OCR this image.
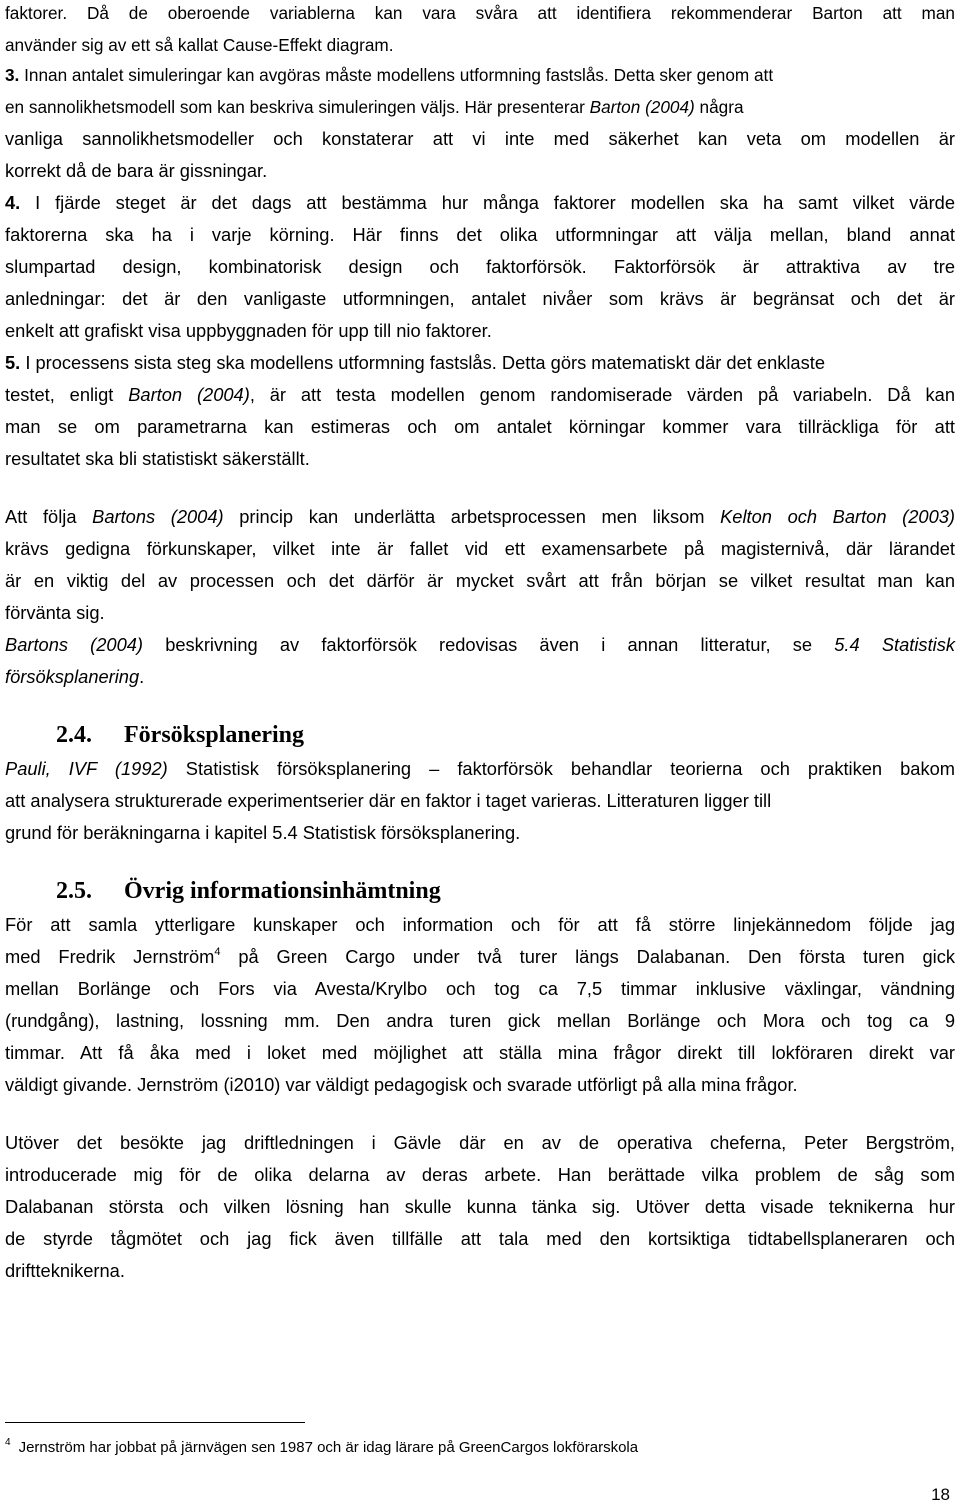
faktorer. Då de oberoende variablerna kan vara svåra att identifiera rekommenderar Barton att man
använder sig av ett så kallat Cause-Effekt diagram.
3. Innan antalet simuleringar kan avgöras måste modellens utformning fastslås. Detta sker genom att
en sannolikhetsmodell som kan beskriva simuleringen väljs. Här presenterar Barton (2004) några
vanliga sannolikhetsmodeller och konstaterar att vi inte med säkerhet kan veta om modellen är
korrekt då de bara är gissningar.
4. I fjärde steget är det dags att bestämma hur många faktorer modellen ska ha samt vilket värde
faktorerna ska ha i varje körning. Här finns det olika utformningar att välja mellan, bland annat
slumpartad design, kombinatorisk design och faktorförsök. Faktorförsök är attraktiva av tre
anledningar: det är den vanligaste utformningen, antalet nivåer som krävs är begränsat och det är
enkelt att grafiskt visa uppbyggnaden för upp till nio faktorer.
5. I processens sista steg ska modellens utformning fastslås. Detta görs matematiskt där det enklaste
testet, enligt Barton (2004), är att testa modellen genom randomiserade värden på variabeln. Då kan
man se om parametrarna kan estimeras och om antalet körningar kommer vara tillräckliga för att
resultatet ska bli statistiskt säkerställt.
Att följa Bartons (2004) princip kan underlätta arbetsprocessen men liksom Kelton och Barton (2003)
krävs gedigna förkunskaper, vilket inte är fallet vid ett examensarbete på magisternivå, där lärandet
är en viktig del av processen och det därför är mycket svårt att från början se vilket resultat man kan
förvänta sig.
Bartons (2004) beskrivning av faktorförsök redovisas även i annan litteratur, se 5.4 Statistisk
försöksplanering.
Pauli, IVF (1992) Statistisk försöksplanering – faktorförsök behandlar teorierna och praktiken bakom
att analysera strukturerade experimentserier där en faktor i taget varieras. Litteraturen ligger till
grund för beräkningarna i kapitel 5.4 Statistisk försöksplanering.
För att samla ytterligare kunskaper och information och för att få större linjekännedom följde jag
med Fredrik Jernström$^4$ på Green Cargo under två turer längs Dalabanan. Den första turen gick
mellan Borlänge och Fors via Avesta/Krylbo och tog ca 7,5 timmar inklusive växlingar, vändning
(rundgång), lastning, lossning mm. Den andra turen gick mellan Borlänge och Mora och tog ca 9
timmar. Att få åka med i loket med möjlighet att ställa mina frågor direkt till lokföraren direkt var
väldigt givande. Jernström (i2010) var väldigt pedagogisk och svarade utförligt på alla mina frågor.
Utöver det besökte jag driftledningen i Gävle där en av de operativa cheferna, Peter Bergström,
introducerade mig för de olika delarna av deras arbete. Han berättade vilka problem de såg som
Dalabanan största och vilken lösning han skulle kunna tänka sig. Utöver detta visade teknikerna hur
de styrde tågmötet och jag fick även tillfälle att tala med den kortsiktiga tidtabellsplaneraren och
driftteknikerna.
2.4. Försöksplanering
2.5. Övrig informationsinhämtning
$^4$ Jernström har jobbat på järnvägen sen 1987 och är idag lärare på GreenCargos lokförarskola
18
